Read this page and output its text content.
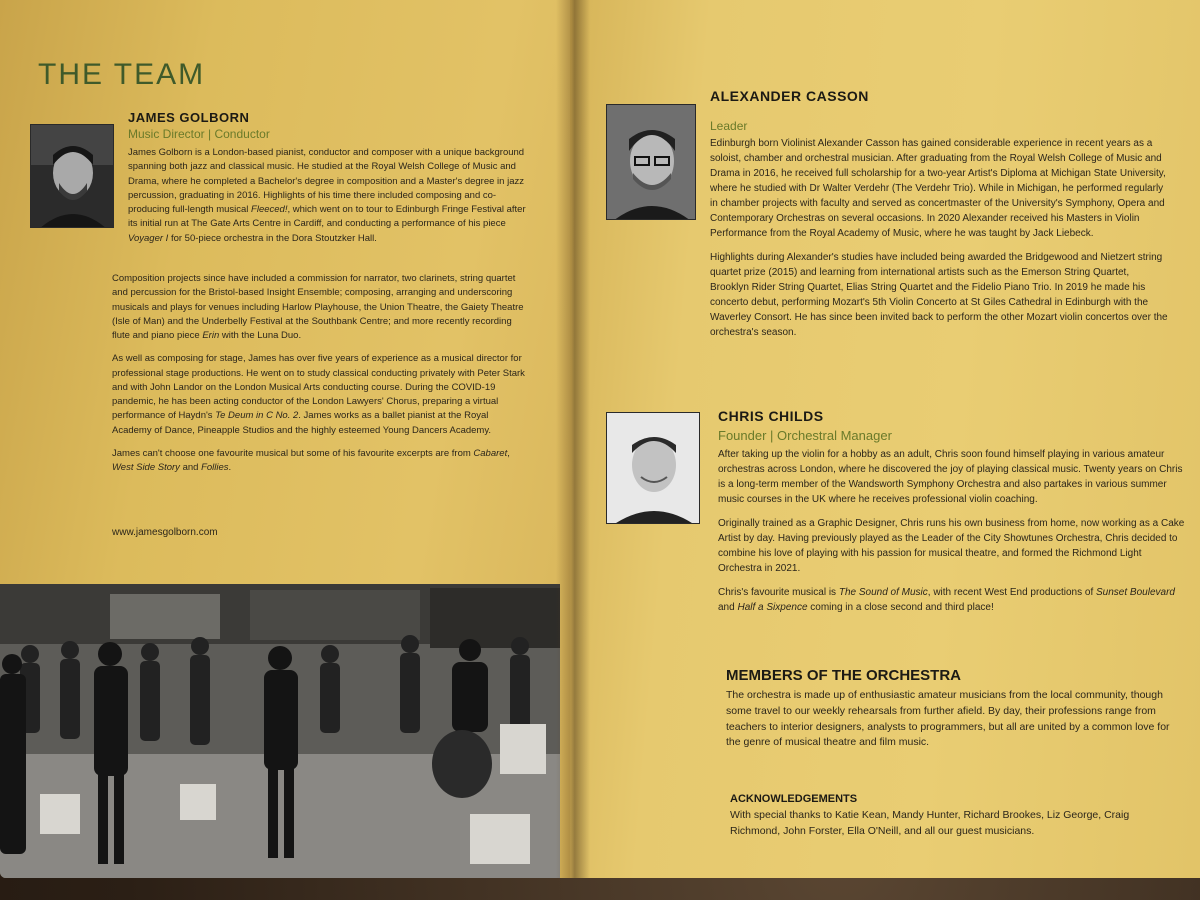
THE TEAM
JAMES GOLBORN
Music Director | Conductor

James Golborn is a London-based pianist, conductor and composer with a unique background spanning both jazz and classical music. He studied at the Royal Welsh College of Music and Drama, where he completed a Bachelor's degree in composition and a Master's degree in jazz percussion, graduating in 2016. Highlights of his time there included composing and co-producing full-length musical Fleeced!, which went on to tour to Edinburgh Fringe Festival after its initial run at The Gate Arts Centre in Cardiff, and conducting a performance of his piece Voyager I for 50-piece orchestra in the Dora Stoutzker Hall.

Composition projects since have included a commission for narrator, two clarinets, string quartet and percussion for the Bristol-based Insight Ensemble; composing, arranging and underscoring musicals and plays for venues including Harlow Playhouse, the Union Theatre, the Gaiety Theatre (Isle of Man) and the Underbelly Festival at the Southbank Centre; and more recently recording flute and piano piece Erin with the Luna Duo.

As well as composing for stage, James has over five years of experience as a musical director for professional stage productions. He went on to study classical conducting privately with Peter Stark and with John Landor on the London Musical Arts conducting course. During the COVID-19 pandemic, he has been acting conductor of the London Lawyers' Chorus, preparing a virtual performance of Haydn's Te Deum in C No. 2. James works as a ballet pianist at the Royal Academy of Dance, Pineapple Studios and the highly esteemed Young Dancers Academy.

James can't choose one favourite musical but some of his favourite excerpts are from Cabaret, West Side Story and Follies.

www.jamesgolborn.com
ALEXANDER CASSON
Leader

Edinburgh born Violinist Alexander Casson has gained considerable experience in recent years as a soloist, chamber and orchestral musician. After graduating from the Royal Welsh College of Music and Drama in 2016, he received full scholarship for a two-year Artist's Diploma at Michigan State University, where he studied with Dr Walter Verdehr (The Verdehr Trio). While in Michigan, he performed regularly in chamber projects with faculty and served as concertmaster of the University's Symphony, Opera and Contemporary Orchestras on several occasions. In 2020 Alexander received his Masters in Violin Performance from the Royal Academy of Music, where he was taught by Jack Liebeck.

Highlights during Alexander's studies have included being awarded the Bridgewood and Nietzert string quartet prize (2015) and learning from international artists such as the Emerson String Quartet, Brooklyn Rider String Quartet, Elias String Quartet and the Fidelio Piano Trio. In 2019 he made his concerto debut, performing Mozart's 5th Violin Concerto at St Giles Cathedral in Edinburgh with the Waverley Consort. He has since been invited back to perform the other Mozart violin concertos over the orchestra's season.

CHRIS CHILDS
Founder | Orchestral Manager

After taking up the violin for a hobby as an adult, Chris soon found himself playing in various amateur orchestras across London, where he discovered the joy of playing classical music. Twenty years on Chris is a long-term member of the Wandsworth Symphony Orchestra and also partakes in various summer music courses in the UK where he receives professional violin coaching.

Originally trained as a Graphic Designer, Chris runs his own business from home, now working as a Cake Artist by day. Having previously played as the Leader of the City Showtunes Orchestra, Chris decided to combine his love of playing with his passion for musical theatre, and formed the Richmond Light Orchestra in 2021.

Chris's favourite musical is The Sound of Music, with recent West End productions of Sunset Boulevard and Half a Sixpence coming in a close second and third place!

MEMBERS OF THE ORCHESTRA
The orchestra is made up of enthusiastic amateur musicians from the local community, though some travel to our weekly rehearsals from further afield. By day, their professions range from teachers to interior designers, analysts to programmers, but all are united by a common love for the genre of musical theatre and film music.
ACKNOWLEDGEMENTS
With special thanks to Katie Kean, Mandy Hunter, Richard Brookes, Liz George, Craig Richmond, John Forster, Ella O'Neill, and all our guest musicians.
